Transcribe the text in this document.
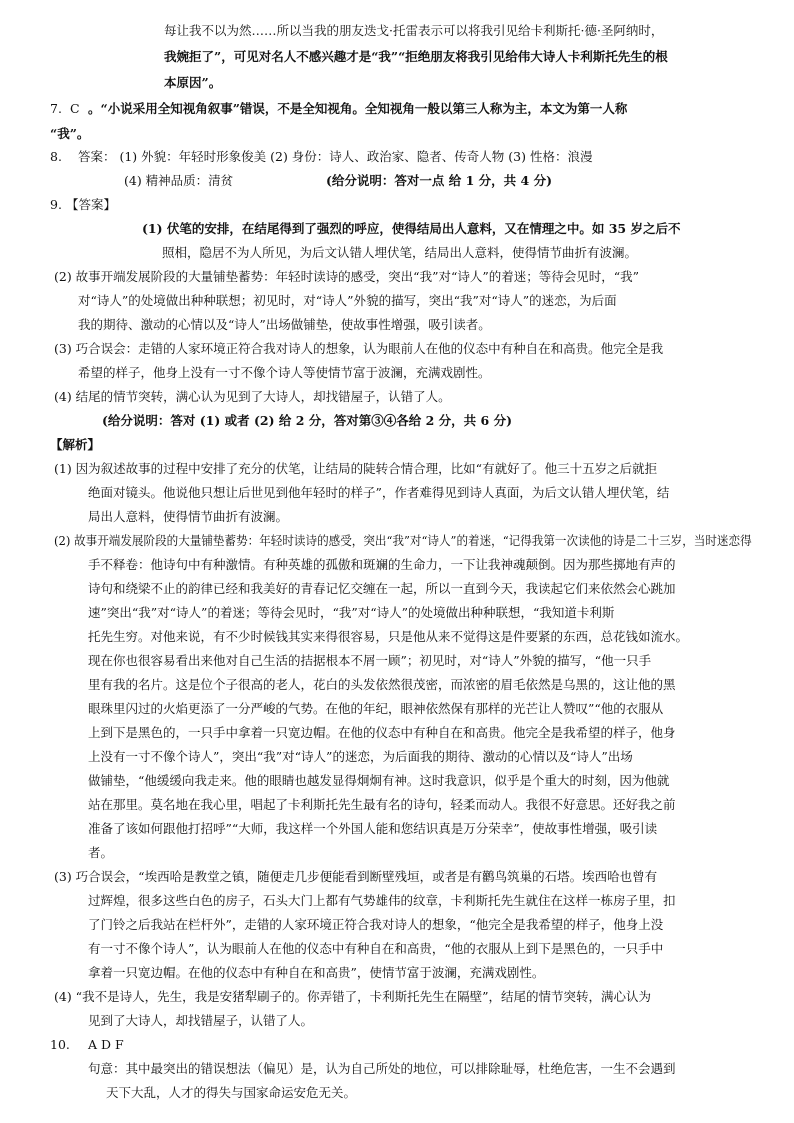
每让我不以为然……所以当我的朋友迭戈·托雷表示可以将我引见给卡利斯托·德·圣阿纳时，
我婉拒了”，可见对名人不感兴趣才是“我”“拒绝朋友将我引见给伟大诗人卡利斯托先生的根
本原因”。
7. C 。“小说采用全知视角叙事”错误，不是全知视角。全知视角一般以第三人称为主，本文为第一人称
“我”。
8. 答案： (1) 外貌：年轻时形象俊美 (2) 身份：诗人、政治家、隐者、传奇人物 (3) 性格：浪漫
(4) 精神品质：清贫	(给分说明：答对一点 给 1 分，共 4 分)
9. 【答案】
(1) 伏笔的安排，在结尾得到了强烈的呼应，使得结局出人意料，又在情理之中。如 35 岁之后不
照相，隐居不为人所见，为后文认错人埋伏笔，结局出人意料，使得情节曲折有波澜。
(2) 故事开端发展阶段的大量铺垫蓄势：年轻时读诗的感受，突出“我”对“诗人”的着迷；等待会见时，“我”
对“诗人”的处境做出种种联想；初见时，对“诗人”外貌的描写，突出“我”对“诗人”的迷恋，为后面
我的期待、激动的心情以及“诗人”出场做铺垫，使故事性增强，吸引读者。
(3) 巧合误会：走错的人家环境正符合我对诗人的想象，认为眼前人在他的仪态中有种自在和高贵。他完全是我
希望的样子，他身上没有一寸不像个诗人等使情节富于波澜，充满戏剧性。
(4) 结尾的情节突转，满心认为见到了大诗人，却找错屋子，认错了人。
(给分说明：答对 (1) 或者 (2) 给 2 分，答对第③④各给 2 分，共 6 分)
【解析】
(1) 因为叙述故事的过程中安排了充分的伏笔，让结局的陡转合情合理，比如“有就好了。他三十五岁之后就拒
绝面对镜头。他说他只想让后世见到他年轻时的样子”，作者难得见到诗人真面，为后文认错人埋伏笔，结
局出人意料，使得情节曲折有波澜。
(2) 故事开端发展阶段的大量铺垫蓄势：年轻时读诗的感受，突出“我”对“诗人”的着迷，“记得我第一次读他的诗是二十三岁，当时迷恋得
手不释卷：他诗句中有种激情。有种英雄的孤傲和斑斓的生命力，一下让我神魂颠倒。因为那些掷地有声的
诗句和绕梁不止的韵律已经和我美好的青春记忆交缠在一起，所以一直到今天，我读起它们来依然会心跳加
速”突出“我”对“诗人”的着迷；等待会见时，“我”对“诗人”的处境做出种种联想，“我知道卡利斯
托先生穷。对他来说，有不少时候钱其实来得很容易，只是他从来不觉得这是件要紧的东西，总花钱如流水。
现在你也很容易看出来他对自己生活的拮据根本不屑一顾”；初见时，对“诗人”外貌的描写，“他一只手
里有我的名片。这是位个子很高的老人，花白的头发依然很茂密，而浓密的眉毛依然是乌黑的，这让他的黑
眼珠里闪过的火焰更添了一分严峻的气势。在他的年纪，眼神依然保有那样的光芒让人赞叹”“他的衣服从
上到下是黑色的，一只手中拿着一只宽边帽。在他的仪态中有种自在和高贵。他完全是我希望的样子，他身
上没有一寸不像个诗人”，突出“我”对“诗人”的迷恋，为后面我的期待、激动的心情以及“诗人”出场
做铺垫，“他缓缓向我走来。他的眼睛也越发显得炯炯有神。这时我意识，似乎是个重大的时刻，因为他就
站在那里。莫名地在我心里，唱起了卡利斯托先生最有名的诗句，轻柔而动人。我很不好意思。还好我之前
准备了该如何跟他打招呼”“大师，我这样一个外国人能和您结识真是万分荣幸”，使故事性增强，吸引读
者。
(3) 巧合误会，“埃西哈是教堂之镇，随便走几步便能看到断壁残垣，或者是有鹳鸟筑巢的石塔。埃西哈也曾有
过辉煌，很多这些白色的房子，石头大门上都有气势雄伟的纹章，卡利斯托先生就住在这样一栋房子里，扣
了门铃之后我站在栏杆外”，走错的人家环境正符合我对诗人的想象，“他完全是我希望的样子，他身上没
有一寸不像个诗人”，认为眼前人在他的仪态中有种自在和高贵，“他的衣服从上到下是黑色的，一只手中
拿着一只宽边帽。在他的仪态中有种自在和高贵”，使情节富于波澜，充满戏剧性。
(4) “我不是诗人，先生，我是安猪犁刷子的。你弄错了，卡利斯托先生在隔壁”，结尾的情节突转，满心认为
见到了大诗人，却找错屋子，认错了人。
10. A D F
句意：其中最突出的错误想法（偏见）是，认为自己所处的地位，可以排除耻辱，杜绝危害，一生不会遇到
天下大乱，人才的得失与国家命运安危无关。
